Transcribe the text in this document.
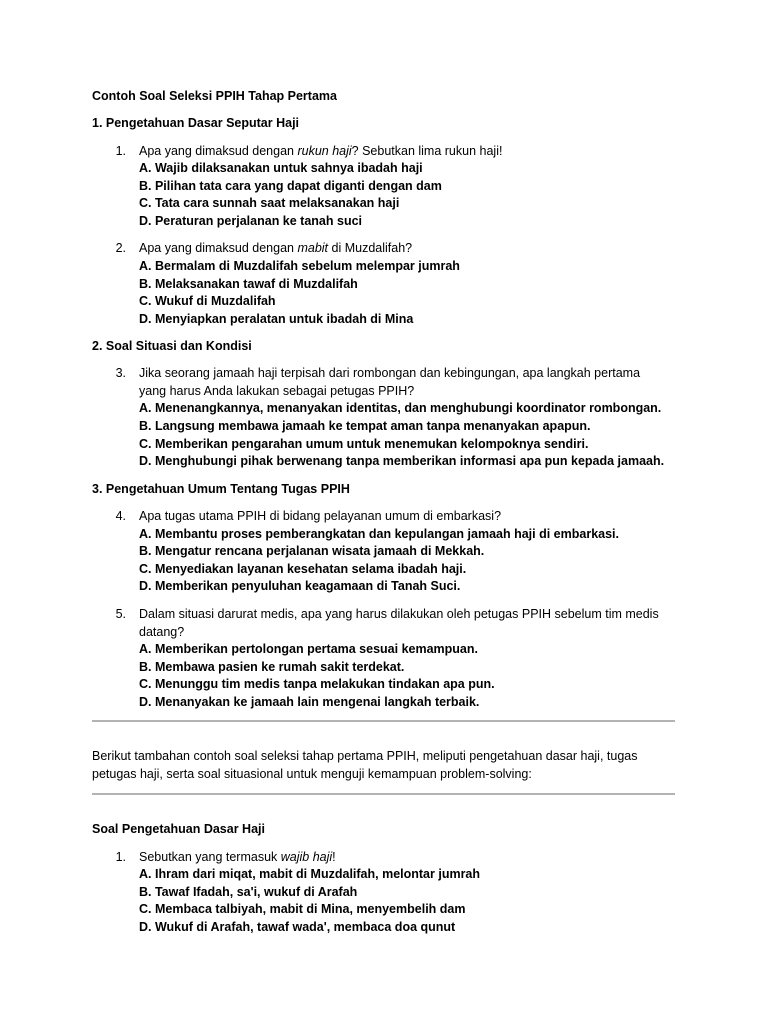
Contoh Soal Seleksi PPIH Tahap Pertama
1. Pengetahuan Dasar Seputar Haji
1. Apa yang dimaksud dengan rukun haji? Sebutkan lima rukun haji!
A. Wajib dilaksanakan untuk sahnya ibadah haji
B. Pilihan tata cara yang dapat diganti dengan dam
C. Tata cara sunnah saat melaksanakan haji
D. Peraturan perjalanan ke tanah suci
2. Apa yang dimaksud dengan mabit di Muzdalifah?
A. Bermalam di Muzdalifah sebelum melempar jumrah
B. Melaksanakan tawaf di Muzdalifah
C. Wukuf di Muzdalifah
D. Menyiapkan peralatan untuk ibadah di Mina
2. Soal Situasi dan Kondisi
3. Jika seorang jamaah haji terpisah dari rombongan dan kebingungan, apa langkah pertama
yang harus Anda lakukan sebagai petugas PPIH?
A. Menenangkannya, menanyakan identitas, dan menghubungi koordinator rombongan.
B. Langsung membawa jamaah ke tempat aman tanpa menanyakan apapun.
C. Memberikan pengarahan umum untuk menemukan kelompoknya sendiri.
D. Menghubungi pihak berwenang tanpa memberikan informasi apa pun kepada jamaah.
3. Pengetahuan Umum Tentang Tugas PPIH
4. Apa tugas utama PPIH di bidang pelayanan umum di embarkasi?
A. Membantu proses pemberangkatan dan kepulangan jamaah haji di embarkasi.
B. Mengatur rencana perjalanan wisata jamaah di Mekkah.
C. Menyediakan layanan kesehatan selama ibadah haji.
D. Memberikan penyuluhan keagamaan di Tanah Suci.
5. Dalam situasi darurat medis, apa yang harus dilakukan oleh petugas PPIH sebelum tim medis
datang?
A. Memberikan pertolongan pertama sesuai kemampuan.
B. Membawa pasien ke rumah sakit terdekat.
C. Menunggu tim medis tanpa melakukan tindakan apa pun.
D. Menanyakan ke jamaah lain mengenai langkah terbaik.
Berikut tambahan contoh soal seleksi tahap pertama PPIH, meliputi pengetahuan dasar haji, tugas
petugas haji, serta soal situasional untuk menguji kemampuan problem-solving:
Soal Pengetahuan Dasar Haji
1. Sebutkan yang termasuk wajib haji!
A. Ihram dari miqat, mabit di Muzdalifah, melontar jumrah
B. Tawaf Ifadah, sa'i, wukuf di Arafah
C. Membaca talbiyah, mabit di Mina, menyembelih dam
D. Wukuf di Arafah, tawaf wada', membaca doa qunut
